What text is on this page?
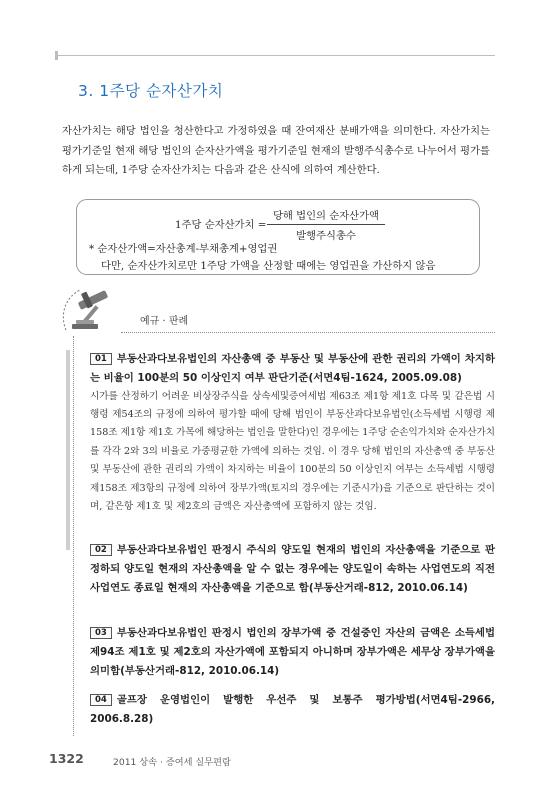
3. 1주당 순자산가치

자산가치는 해당 법인을 청산한다고 가정하였을 때 잔여재산 분배가액을 의미한다. 자산가치는 평가기준일 현재 해당 법인의 순자산가액을 평가기준일 현재의 발행주식총수로 나누어서 평가를 하게 되는데, 1주당 순자산가치는 다음과 같은 산식에 의하여 계산한다.

1주당 순자산가치 =
당해 법인의 순자산가액
발행주식총수
* 순자산가액=자산총계-부채총계+영업권
다만, 순자산가치로만 1주당 가액을 산정할 때에는 영업권을 가산하지 않음
예규 · 판례

01 부동산과다보유법인의 자산총액 중 부동산 및 부동산에 관한 권리의 가액이 차지하는 비율이 100분의 50 이상인지 여부 판단기준(서면4팀-1624, 2005.09.08)

시가를 산정하기 어려운 비상장주식을 상속세및증여세법 제63조 제1항 제1호 다목 및 같은법 시행령 제54조의 규정에 의하여 평가할 때에 당해 법인이 부동산과다보유법인(소득세법 시행령 제158조 제1항 제1호 가목에 해당하는 법인을 말한다)인 경우에는 1주당 순손익가치와 순자산가치를 각각 2와 3의 비율로 가중평균한 가액에 의하는 것임. 이 경우 당해 법인의 자산총액 중 부동산 및 부동산에 관한 권리의 가액이 차지하는 비율이 100분의 50 이상인지 여부는 소득세법 시행령 제158조 제3항의 규정에 의하여 장부가액(토지의 경우에는 기준시가)을 기준으로 판단하는 것이며, 같은항 제1호 및 제2호의 금액은 자산총액에 포함하지 않는 것임.

02 부동산과다보유법인 판정시 주식의 양도일 현재의 법인의 자산총액을 기준으로 판정하되 양도일 현재의 자산총액을 알 수 없는 경우에는 양도일이 속하는 사업연도의 직전 사업연도 종료일 현재의 자산총액을 기준으로 함(부동산거래-812, 2010.06.14)

03 부동산과다보유법인 판정시 법인의 장부가액 중 건설중인 자산의 금액은 소득세법 제94조 제1호 및 제2호의 자산가액에 포함되지 아니하며 장부가액은 세무상 장부가액을 의미함(부동산거래-812, 2010.06.14)

04 골프장 운영법인이 발행한 우선주 및 보통주 평가방법(서면4팀-2966, 2006.8.28)

1322	2011 상속 · 증여세 실무편람
